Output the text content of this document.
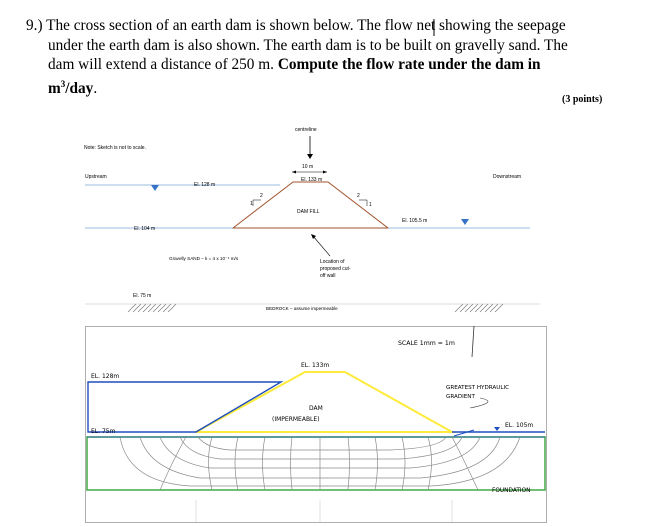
9.) The cross section of an earth dam is shown below. The flow net showing the seepage

under the earth dam is also shown. The earth dam is to be built on gravelly sand. The
dam will extend a distance of 250 m. Compute the flow rate under the dam in
$m^3$/day.
(3 points)
Note: Sketch is not to scale.
centreline
10 m
El. 133 m
Upstream	Downstream
El. 128 m
DAM FILL
2
1
2
1
El. 104 m
El. 105.5 m
Gravelly SAND – k = 4 x 10⁻⁴ m/s
Location of
proposed cut-
off wall
El. 75 m
BEDROCK – assume impermeable
SCALE 1mm = 1m
EL. 133m
DAM
(IMPERMEABLE)
EL. 128m
EL. 75m
EL. 105m
GREATEST HYDRAULIC
GRADIENT
FOUNDATION
